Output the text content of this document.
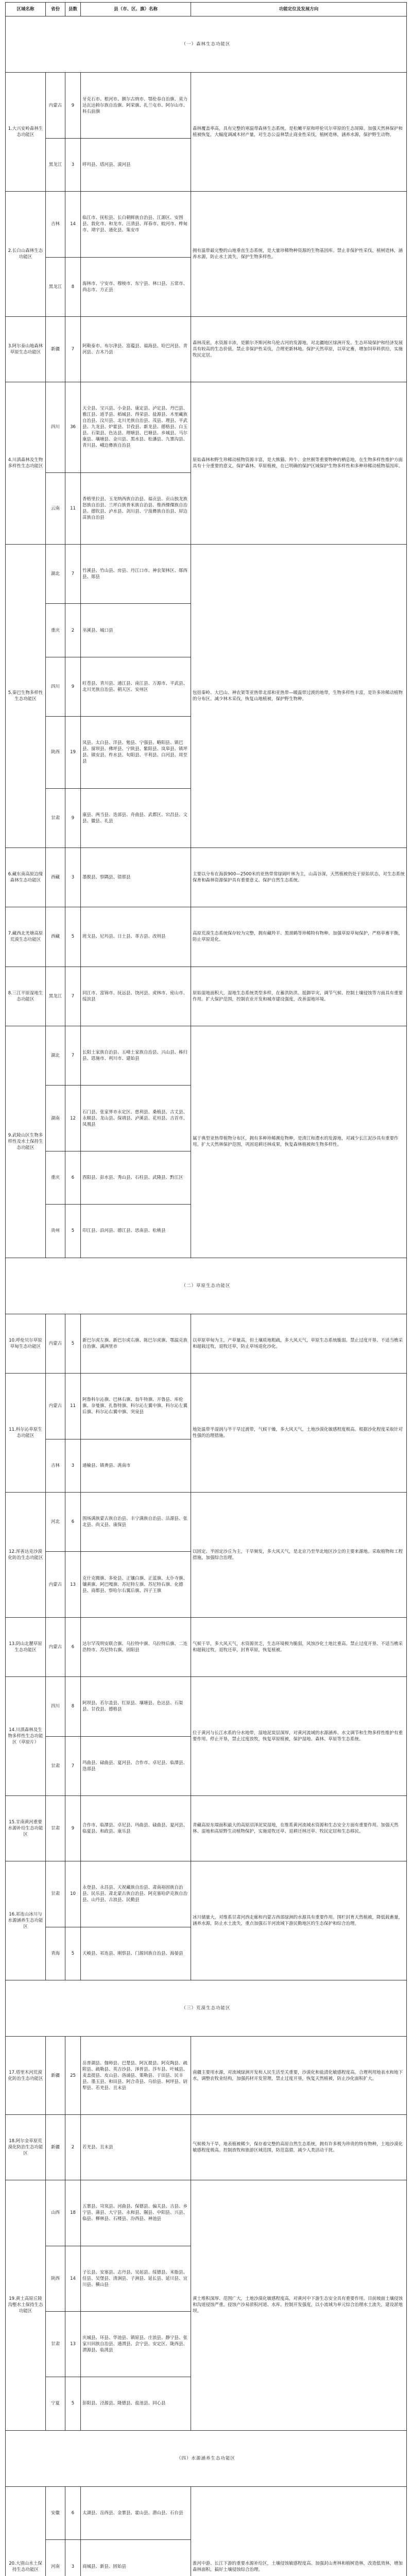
区域名称	省份	县数	县（市、区、旗）名称	功能定位及发展方向
（一）森林生态功能区				
1.大兴安岭森林生态功能区	内蒙古	9	牙克石市、根河市、额尔古纳市、鄂伦春自治旗、莫力达瓦达斡尔族自治旗、阿荣旗、扎兰屯市、阿尔山市、科右前旗	森林覆盖率高，具有完整的寒温带森林生态系统，是松嫩平原和呼伦贝尔草原的生态屏障。加强天然林保护和植被恢复，大幅度调减木材产量，对生态公益林禁止商业性采伐，植树造林，涵养水源，保护野生动物。
	黑龙江	3	呼玛县、塔河县、漠河县	
2.长白山森林生态功能区	吉林	14	临江市、抚松县、长白朝鲜族自治县、江源区、安图县、敦化市、和龙市、汪清县、珲春市、蛟河市、桦甸市、靖宇县、通化县、集安市	拥有温带最完整的山地垂直生态系统，是大量珍稀物种资源的生物基因库。禁止非保护性采伐，植树造林，涵养水源，防止水土流失，保护生物多样性。
	黑龙江	8	海林市、宁安市、穆棱市、东宁县、林口县、五常市、尚志市、方正县	
3.阿尔泰山地森林草原生态功能区	新疆	7	阿勒泰市、布尔津县、富蕴县、福海县、哈巴河县、青河县、吉木乃县	森林茂密，水资源丰沛，是额尔齐斯河和乌伦古河的发源地，对北疆地区绿洲开发、生态环境保护和经济发展具有较高的生态价值。禁止非保护性采伐，合理更新林地。保护天然草原，以草定畜，增加饲草料供给，实施牧民定居。
4.川滇森林及生物多样性生态功能区	四川	36	天全县、宝兴县、小金县、康定县、泸定县、丹巴县、雅江县、道孚县、稻城县、得荣县、盐源县、木里藏族自治县、汶川县、北川羌族自治县、茂县、理县、平武县、九龙县、炉霍县、甘孜县、新龙县、德格县、白玉县、石渠县、色达县、理塘县、巴塘县、乡城县、马尔康县、壤塘县、金川县、黑水县、松潘县、九寨沟县、青川县、峨边彝族自治县	原始森林和野生珍稀动植物资源丰富，是大熊猫、羚牛、金丝猴等重要物种的栖息地，在生物多样性维护方面具有十分重要的意义。保护森林、草原植被，在已明确的保护区域保护生物多样性和多种珍稀动植物基因库。
	云南	11	香格里拉县、玉龙纳西族自治县、福贡县、贡山独龙族怒族自治县、兰坪白族普米族自治县、维西傈僳族自治县、德钦县、泸水县、剑川县、宁蒗彝族自治县、屏边苗族自治县	
5.秦巴生物多样性生态功能区	湖北	7	竹溪县、竹山县、房县、丹江口市、神农架林区、郧西县、郧县	包括秦岭、大巴山、神农架等亚热带北部和亚热带—暖温带过渡的地带，生物多样性丰富，是许多珍稀动植物的分布区。减少林木采伐，恢复山地植被，保护野生物种。
	重庆	2	巫溪县、城口县	
	四川	9	旺苍县、青川县、通江县、南江县、万源市、平武县、北川羌族自治县、朝天区、安州区	
	陕西	19	凤县、太白县、洋县、勉县、宁强县、略阳县、镇巴县、留坝县、佛坪县、宁陕县、紫阳县、岚皋县、镇坪县、镇安县、柞水县、旬阳县、平利县、白河县、周至县	
	甘肃	9	康县、两当县、迭部县、舟曲县、武都区、宕昌县、文县、徽县、礼县	
6.藏东南高原边缘森林生态功能区	西藏	3	墨脱县、察隅县、错那县	主要以分布在海拔900—2500米的亚热带常绿阔叶林为主，山高谷深，天然植被仍处于原始状态，对生态系统保育和森林资源保护具有重要意义。保护自然生态系统。
7.藏西北羌塘高原荒漠生态功能区	西藏	5	班戈县、尼玛县、日土县、革吉县、改则县	高原荒漠生态系统保存较为完整，拥有藏羚羊、黑颈鹤等珍稀特有物种。加强草原草甸保护，严格草畜平衡，防止草原退化。
8.三江平原湿地生态功能区	黑龙江	7	同江市、富锦市、抚远县、饶河县、虎林市、密山市、绥滨县	原始湿地面积大，湿地生态系统类型多样，在蓄洪防洪、抵御旱灾、调节气候、控制土壤侵蚀等方面具有重要作用。扩大保护范围，控制农业开发和城市建设强度，改善湿地环境。
9.武陵山区生物多样性及水土保持生态功能区	湖北	7	长阳土家族自治县、五峰土家族自治县、兴山县、秭归县、恩施市、利川市、建始县	属于典型亚热带植物分布区，拥有多种珍稀濒危物种，是清江和澧水的发源地，对减少长江泥沙具有重要作用。扩大天然林保护范围，巩固退耕还林成果，恢复森林植被和生物多样性。
	湖南	12	石门县、张家界市永定区、慈利县、桑植县、古丈县、永顺县、龙山县、保靖县、泸溪县、花垣县、吉首市、凤凰县	
	重庆	6	酉阳县、彭水县、秀山县、石柱县、武隆县、黔江区	
	贵州	5	印江县、沿河县、德江县、思南县、松桃县	
（二）草原生态功能区				
10.呼伦贝尔草原草甸生态功能区	内蒙古	5	新巴尔虎左旗、新巴尔虎右旗、陈巴尔虎旗、鄂温克族自治旗、满洲里市	以草原草甸为主，产草量高，但土壤质地粗疏，多大风天气，草原生态系统脆弱。禁止过度开垦、不适当樵采和超载过牧，退牧还草，防止草场退化沙化。
11.科尔沁草原生态功能区	内蒙古	11	阿鲁科尔沁旗、巴林右旗、翁牛特旗、开鲁县、库伦旗、奈曼旗、扎鲁特旗、科尔沁左翼中旗、科尔沁左翼后旗、科尔沁右翼中旗、突泉县	地处温带半湿润与半干旱过渡带，气候干燥，多大风天气，土地沙漠化敏感程度极高。根据沙化程度采取针对性强的治理措施。
	吉林	3	通榆县、镇赉县、洮南市	
12.浑善达克沙漠化防治生态功能区	河北	6	围场满族蒙古族自治县、丰宁满族自治县、沽源县、张北县、尚义县、康保县	以固定、半固定沙丘为主，干旱频发，多大风天气，是北京乃至华北地区沙尘的主要来源地。采取植物和工程措施，加强综合治理。
	内蒙古	13	克什克腾旗、多伦县、正镶白旗、正蓝旗、太仆寺旗、镶黄旗、阿巴嘎旗、苏尼特左旗、苏尼特右旗、化德县、商都县、察哈尔右翼后旗、四子王旗	
13.阴山北麓草原生态功能区	内蒙古	6	达尔罕茂明安联合旗、乌拉特中旗、乌拉特后旗、二连浩特市、苏尼特右旗、固阳县	气候干旱，多大风天气，水资源贫乏，生态环境极为脆弱，风蚀沙化土地比重高。禁止过度开垦、不适当樵采和超载过牧，退牧还草，封育草原，恢复植被。
14.川滇森林及生物多样性生态功能区（草原片）	四川	8	阿坝县、若尔盖县、红原县、壤塘县、色达县、石渠县、甘孜县、德格县	位于黄河与长江水系的分水地带，湿地泥炭层深厚，对黄河流域的水源涵养、水文调节和生物多样性维护有重要作用。停止开垦，禁止过度放牧，恢复草原植被，保护湿地、森林、草原等生态系统。
	甘肃	7	玛曲县、碌曲县、夏河县、合作市、卓尼县、临潭县、迭部县	
15.甘南黄河重要水源补给生态功能区	甘肃	9	合作市、临潭县、卓尼县、玛曲县、碌曲县、夏河县、临夏县、和政县、康乐县	青藏高原东端面积最大的高原沼泽泥炭湿地，在维系黄河流域水资源和生态安全方面有重要作用。加强天然林、湿地和高原野生动植物保护，实施退牧还草、退耕还林还草、牧民定居和生态移民。
16.祁连山冰川与水源涵养生态功能区	甘肃	10	永登县、永昌县、天祝藏族自治县、肃南裕固族自治县、民乐县、肃北蒙古族自治县、阿克塞哈萨克族自治县、山丹县、古浪县、民勤县	冰川储量大，对维系甘肃河西走廊和内蒙古西部绿洲的水源具有重要作用。围栏封育天然植被，降低载畜量，涵养水源，防止水土流失，重点加强石羊河流域下游民勤地区的生态保护和综合治理。
	青海	5	天峻县、祁连县、刚察县、门源回族自治县、海晏县	
（三）荒漠生态功能区				
17.塔里木河荒漠化防治生态功能区	新疆	25	岳普湖县、伽师县、巴楚县、阿瓦提县、阿克陶县、疏附县、疏勒县、英吉沙县、泽普县、莎车县、叶城县、麦盖提县、皮山县、洛浦县、策勒县、于田县、民丰县、墨玉县、和田县、阿合奇县、乌恰县、柯坪县、尉犁县、若羌县、且末县	南疆主要用水源，对流域绿洲开发和人民生活至关重要，沙漠化和盐渍化敏感程度高。合理利用地表水和地下水，调整农牧业结构，加强药材开发管理，禁止过度开垦，恢复天然植被，防止沙化面积扩大。
18.阿尔金草原荒漠化防治生态功能区	新疆	2	若羌县、且末县	气候极为干旱，地表植被稀少，保存着完整的高原自然生态系统，拥有许多极为珍贵的特有物种，土地沙漠化敏感程度极高。控制放牧和旅游区域范围，防范盗猎，减少人类活动干扰。
19.黄土高原丘陵沟壑水土保持生态功能区	山西	18	五寨县、岢岚县、河曲县、保德县、偏关县、吉县、乡宁县、蒲县、大宁县、永和县、隰县、中阳县、兴县、临县、柳林县、石楼县、汾西县、神池县	黄土堆积深厚、范围广大，土地沙漠化敏感程度高，对黄河中下游生态安全具有重要作用。目前坡面土壤侵蚀和沟道侵蚀严重，侵蚀产沙易淤积河道、水库。控制开发强度，以小流域为单元综合治理水土流失，建设淤地坝。
	陕西	14	子长县、安塞县、志丹县、吴起县、绥德县、米脂县、佳县、吴堡县、清涧县、子洲县、延长县、延川县、宜川县、横山县	
	甘肃	13	庆城县、环县、华池县、镇原县、庄浪县、静宁县、张家川回族自治县、通渭县、会宁县、安定区、陇西县、渭源县、临洮县	
	宁夏	5	彭阳县、泾源县、隆德县、盐池县、同心县	
（四）水源涵养生态功能区				
20.大别山水土保持生态功能区	安徽	6	太湖县、岳西县、金寨县、霍山县、潜山县、石台县	淮河中游、长江下游的重要水源补给区，土壤侵蚀敏感程度高。加强封山育林和植树造林，改造低效林，增加森林面积，搞好土壤侵蚀综合治理。
	河南	3	商城县、新县、固始县	
